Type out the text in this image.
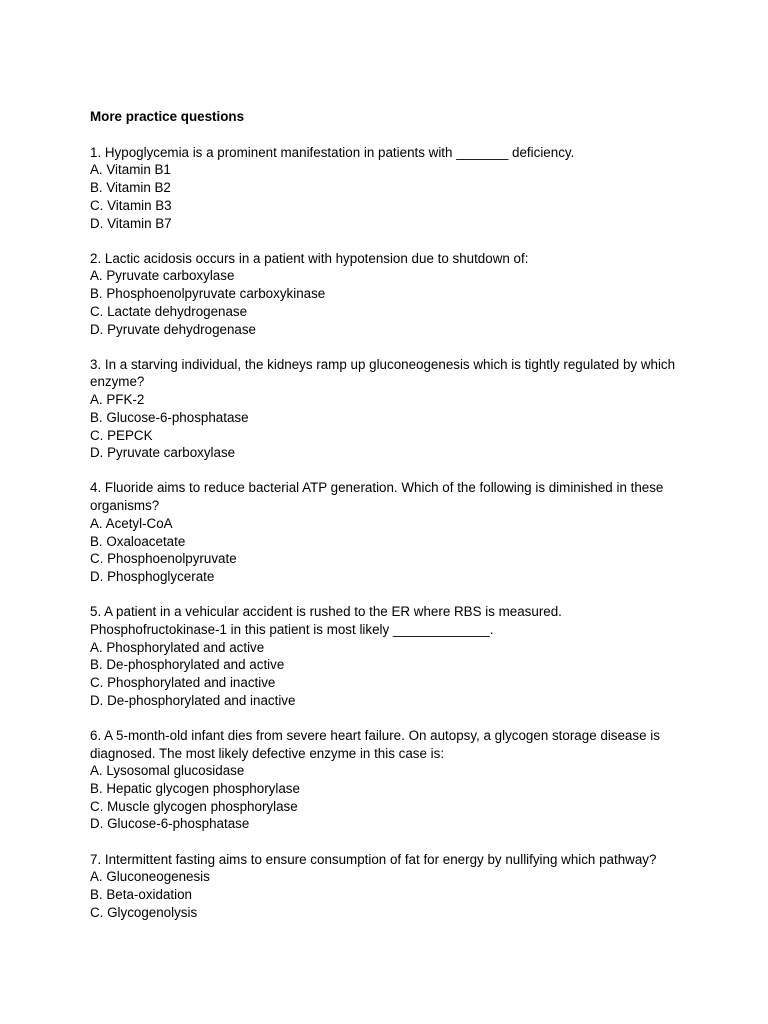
More practice questions

1. Hypoglycemia is a prominent manifestation in patients with _______ deficiency.
A. Vitamin B1
B. Vitamin B2
C. Vitamin B3
D. Vitamin B7
2. Lactic acidosis occurs in a patient with hypotension due to shutdown of:
A. Pyruvate carboxylase
B. Phosphoenolpyruvate carboxykinase
C. Lactate dehydrogenase
D. Pyruvate dehydrogenase
3. In a starving individual, the kidneys ramp up gluconeogenesis which is tightly regulated by which enzyme?
A. PFK-2
B. Glucose-6-phosphatase
C. PEPCK
D. Pyruvate carboxylase
4. Fluoride aims to reduce bacterial ATP generation. Which of the following is diminished in these organisms?
A. Acetyl-CoA
B. Oxaloacetate
C. Phosphoenolpyruvate
D. Phosphoglycerate
5. A patient in a vehicular accident is rushed to the ER where RBS is measured. Phosphofructokinase-1 in this patient is most likely _____________.
A. Phosphorylated and active
B. De-phosphorylated and active
C. Phosphorylated and inactive
D. De-phosphorylated and inactive
6. A 5-month-old infant dies from severe heart failure. On autopsy, a glycogen storage disease is diagnosed. The most likely defective enzyme in this case is:
A. Lysosomal glucosidase
B. Hepatic glycogen phosphorylase
C. Muscle glycogen phosphorylase
D. Glucose-6-phosphatase
7. Intermittent fasting aims to ensure consumption of fat for energy by nullifying which pathway?
A. Gluconeogenesis
B. Beta-oxidation
C. Glycogenolysis
